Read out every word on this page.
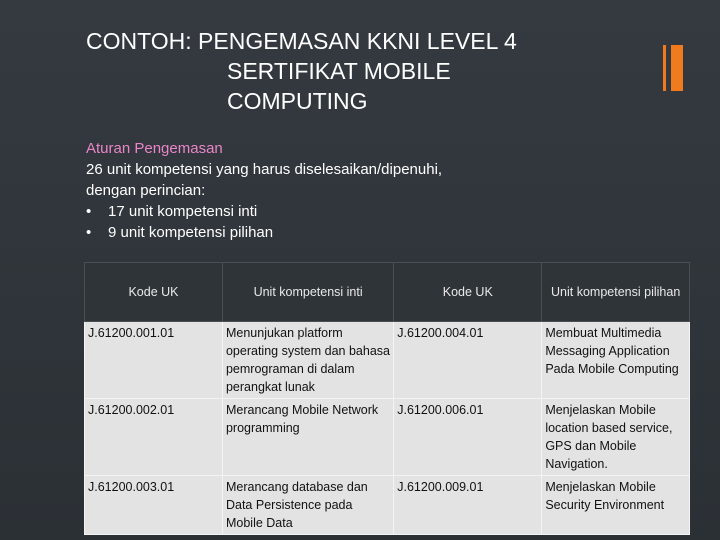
CONTOH: PENGEMASAN KKNI LEVEL 4
SERTIFIKAT MOBILE
COMPUTING
Aturan Pengemasan
26 unit kompetensi yang harus diselesaikan/dipenuhi,
dengan perincian:
• 17 unit kompetensi inti
• 9 unit kompetensi pilihan
Kode UK	Unit kompetensi inti	Kode UK	Unit kompetensi pilihan
J.61200.001.01	Menunjukan platform operating system dan bahasa pemrograman di dalam perangkat lunak	J.61200.004.01	Membuat Multimedia Messaging Application Pada Mobile Computing
J.61200.002.01	Merancang Mobile Network programming	J.61200.006.01	Menjelaskan Mobile location based service, GPS dan Mobile Navigation.
J.61200.003.01	Merancang database dan Data Persistence pada Mobile Data	J.61200.009.01	Menjelaskan Mobile Security Environment
